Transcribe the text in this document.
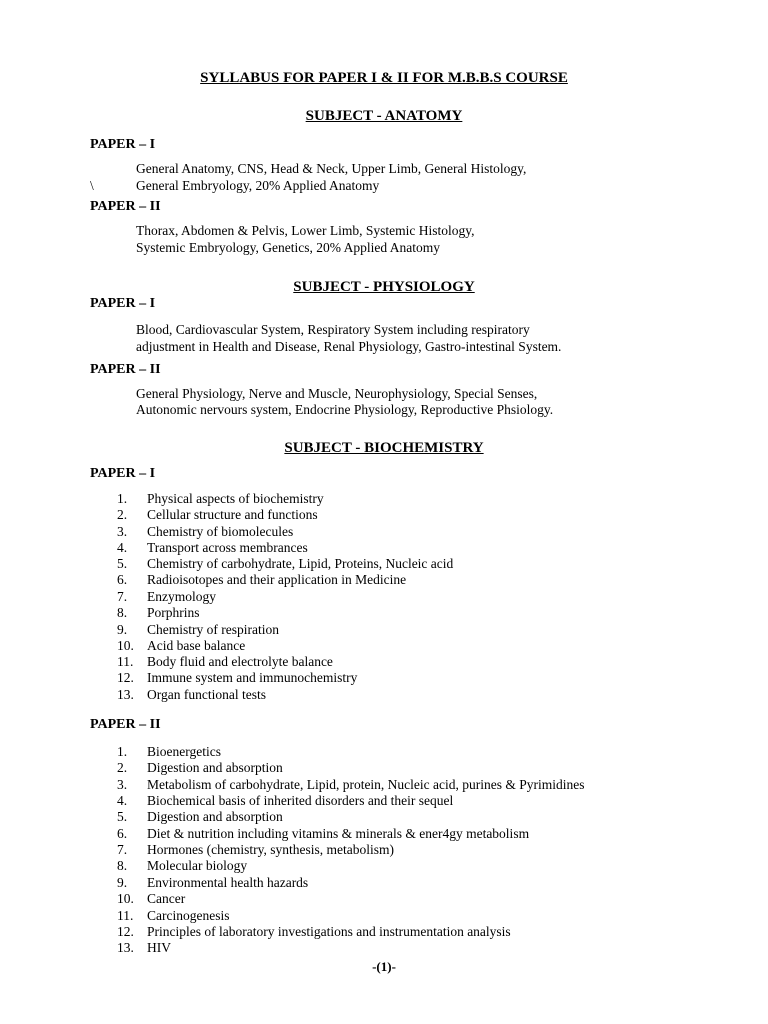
SYLLABUS FOR PAPER I & II FOR M.B.B.S COURSE
SUBJECT - ANATOMY
PAPER – I
General Anatomy, CNS, Head & Neck, Upper Limb, General Histology,
\	General Embryology, 20% Applied Anatomy
PAPER – II
Thorax, Abdomen & Pelvis, Lower Limb, Systemic Histology,
Systemic Embryology, Genetics, 20% Applied Anatomy
SUBJECT - PHYSIOLOGY
PAPER – I
Blood, Cardiovascular System, Respiratory System including respiratory
adjustment in Health and Disease, Renal Physiology, Gastro-intestinal System.
PAPER – II
General Physiology, Nerve and Muscle, Neurophysiology, Special Senses,
Autonomic nervours system, Endocrine Physiology, Reproductive Phsiology.
SUBJECT - BIOCHEMISTRY
PAPER – I
1. Physical aspects of biochemistry
2. Cellular structure and functions
3. Chemistry of biomolecules
4. Transport across membrances
5. Chemistry of carbohydrate, Lipid, Proteins, Nucleic acid
6. Radioisotopes and their application in Medicine
7. Enzymology
8. Porphrins
9. Chemistry of respiration
10. Acid base balance
11. Body fluid and electrolyte balance
12. Immune system and immunochemistry
13. Organ functional tests
PAPER – II
1. Bioenergetics
2. Digestion and absorption
3. Metabolism of carbohydrate, Lipid, protein, Nucleic acid, purines & Pyrimidines
4. Biochemical basis of inherited disorders and their sequel
5. Digestion and absorption
6. Diet & nutrition including vitamins & minerals & ener4gy metabolism
7. Hormones (chemistry, synthesis, metabolism)
8. Molecular biology
9. Environmental health hazards
10. Cancer
11. Carcinogenesis
12. Principles of laboratory investigations and instrumentation analysis
13. HIV
-(1)-
